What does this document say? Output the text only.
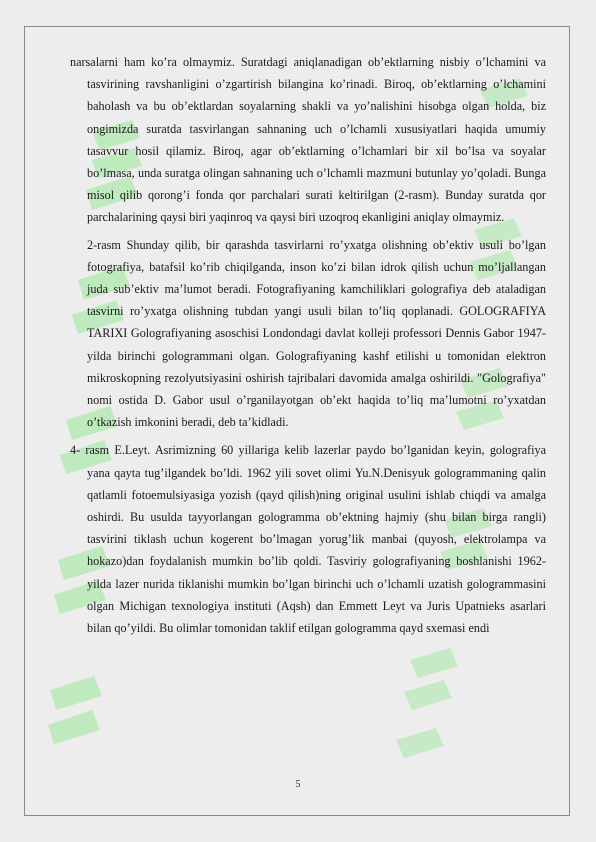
narsalarni ham ko’ra olmaymiz. Suratdagi aniqlanadigan ob’ektlarning nisbiy o’lchamini va tasvirining ravshanligini o’zgartirish bilangina ko’rinadi. Biroq, ob’ektlarning o’lchamini baholash va bu ob’ektlardan soyalarning shakli va yo’nalishini hisobga olgan holda, biz ongimizda suratda tasvirlangan sahnaning uch o’lchamli xususiyatlari haqida umumiy tasavvur hosil qilamiz. Biroq, agar ob’ektlarning o’lchamlari bir xil bo’lsa va soyalar bo’lmasa, unda suratga olingan sahnaning uch o’lchamli mazmuni butunlay yo’qoladi. Bunga misol qilib qorong’i fonda qor parchalari surati keltirilgan (2-rasm). Bunday suratda qor parchalarining qaysi biri yaqinroq va qaysi biri uzoqroq ekanligini aniqlay olmaymiz.

2-rasm Shunday qilib, bir qarashda tasvirlarni ro’yxatga olishning ob’ektiv usuli bo’lgan fotografiya, batafsil ko’rib chiqilganda, inson ko’zi bilan idrok qilish uchun mo’ljallangan juda sub’ektiv ma’lumot beradi. Fotografiyaning kamchiliklari golografiya deb ataladigan tasvirni ro’yxatga olishning tubdan yangi usuli bilan to’liq qoplanadi. GOLOGRAFIYA TARIXI Golografiyaning asoschisi Londondagi davlat kolleji professori Dennis Gabor 1947-yilda birinchi gologrammani olgan. Golografiyaning kashf etilishi u tomonidan elektron mikroskopning rezolyutsiyasini oshirish tajribalari davomida amalga oshirildi. "Golografiya" nomi ostida D. Gabor usul o’rganilayotgan ob’ekt haqida to’liq ma’lumotni ro’yxatdan o’tkazish imkonini beradi, deb ta’kidladi.

4- rasm E.Leyt. Asrimizning 60 yillariga kelib lazerlar paydo bo’lganidan keyin, golografiya yana qayta tug’ilgandek bo’ldi. 1962 yili sovet olimi Yu.N.Denisyuk gologrammaning qalin qatlamli fotoemulsiyasiga yozish (qayd qilish)ning original usulini ishlab chiqdi va amalga oshirdi. Bu usulda tayyorlangan gologramma ob’ektning hajmiy (shu bilan birga rangli) tasvirini tiklash uchun kogerent bo’lmagan yorug’lik manbai (quyosh, elektrolampa va hokazo)dan foydalanish mumkin bo’lib qoldi. Tasviriy golografiyaning boshlanishi 1962-yilda lazer nurida tiklanishi mumkin bo’lgan birinchi uch o’lchamli uzatish gologrammasini olgan Michigan texnologiya instituti (Aqsh) dan Emmett Leyt va Juris Upatnieks asarlari bilan qo’yildi. Bu olimlar tomonidan taklif etilgan gologramma qayd sxemasi endi

5
